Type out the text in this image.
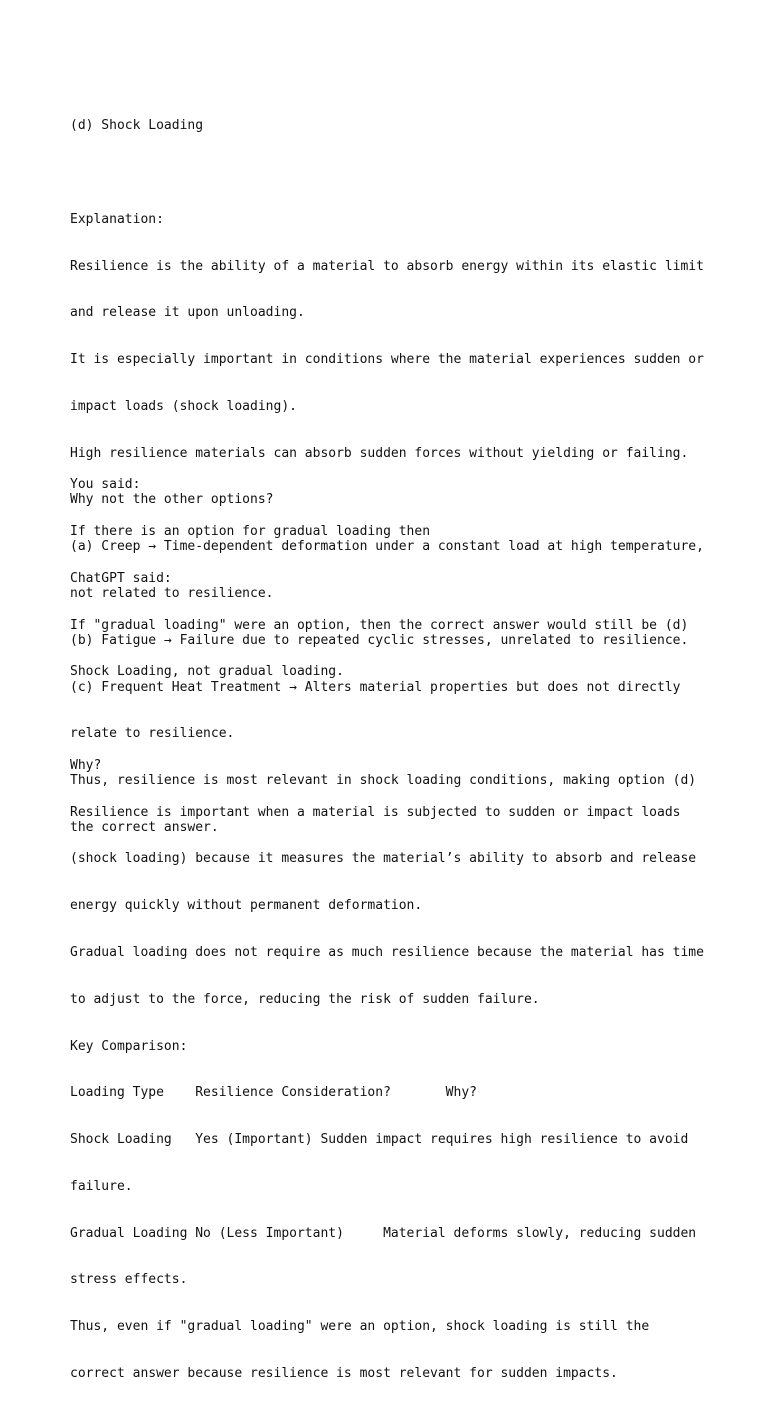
(d) Shock Loading

Explanation:

Resilience is the ability of a material to absorb energy within its elastic limit

and release it upon unloading.

It is especially important in conditions where the material experiences sudden or

impact loads (shock loading).

High resilience materials can absorb sudden forces without yielding or failing.

Why not the other options?

(a) Creep → Time-dependent deformation under a constant load at high temperature,

not related to resilience.

(b) Fatigue → Failure due to repeated cyclic stresses, unrelated to resilience.

(c) Frequent Heat Treatment → Alters material properties but does not directly

relate to resilience.

Thus, resilience is most relevant in shock loading conditions, making option (d)

the correct answer.

You said:

If there is an option for gradual loading then

ChatGPT said:

If "gradual loading" were an option, then the correct answer would still be (d)

Shock Loading, not gradual loading.

Why?

Resilience is important when a material is subjected to sudden or impact loads

(shock loading) because it measures the material’s ability to absorb and release

energy quickly without permanent deformation.

Gradual loading does not require as much resilience because the material has time

to adjust to the force, reducing the risk of sudden failure.

Key Comparison:

Loading Type    Resilience Consideration?       Why?

Shock Loading   Yes (Important) Sudden impact requires high resilience to avoid

failure.

Gradual Loading No (Less Important)     Material deforms slowly, reducing sudden

stress effects.

Thus, even if "gradual loading" were an option, shock loading is still the

correct answer because resilience is most relevant for sudden impacts.
